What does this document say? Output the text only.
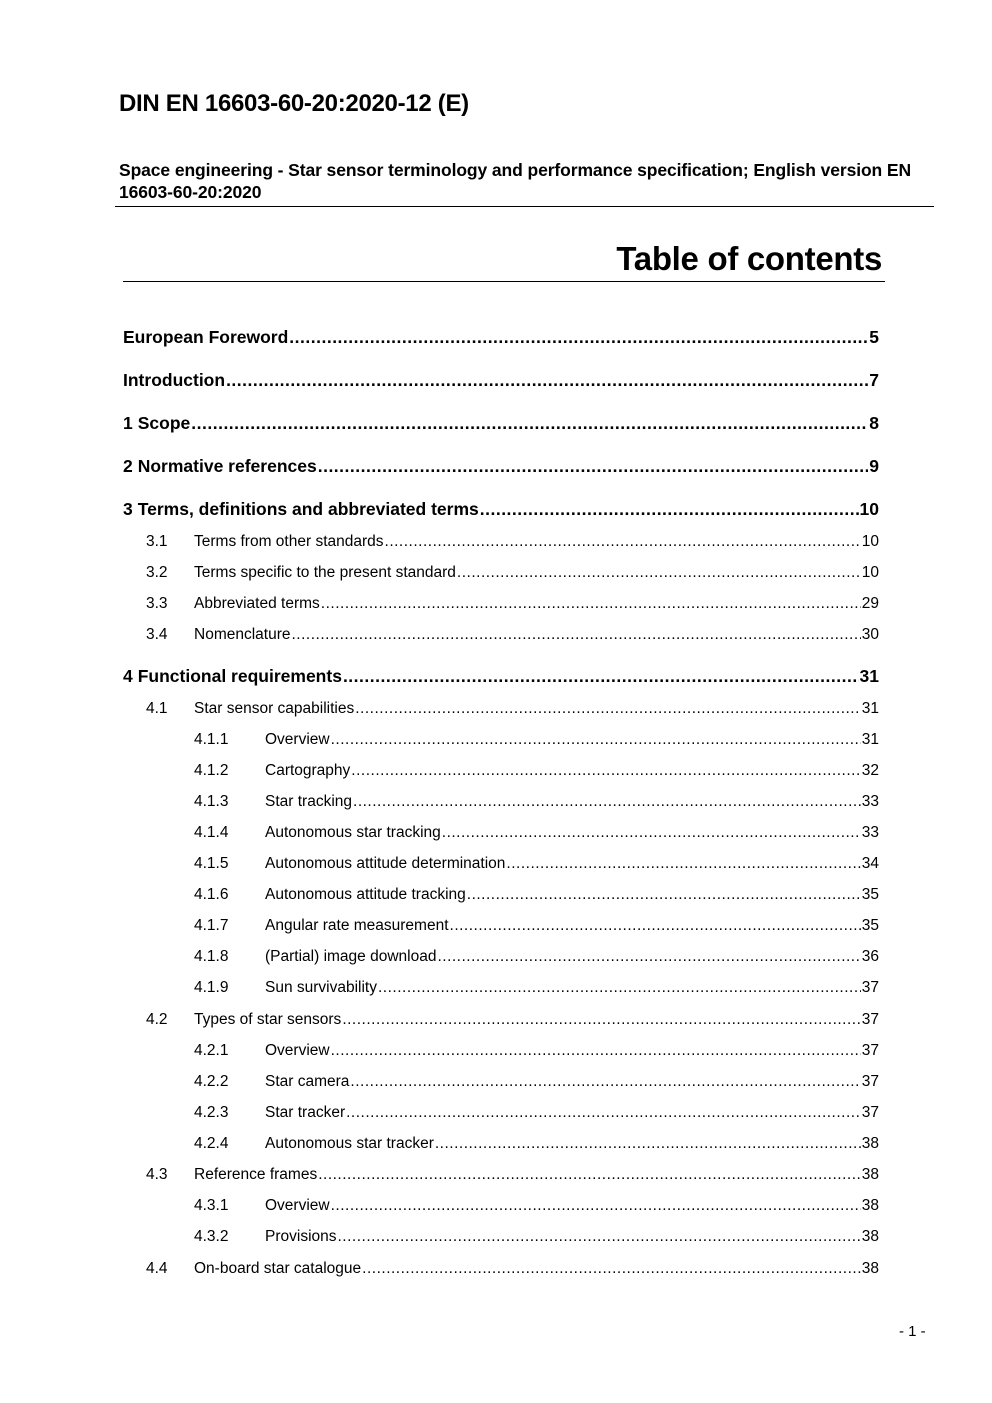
DIN EN 16603-60-20:2020-12 (E)
Space engineering - Star sensor terminology and performance specification; English version EN 16603-60-20:2020
Table of contents
European Foreword .....	5
Introduction .....	7
1 Scope .....	8
2 Normative references .....	9
3 Terms, definitions and abbreviated terms .....	10
3.1	Terms from other standards .....	10
3.2	Terms specific to the present standard .....	10
3.3	Abbreviated terms .....	29
3.4	Nomenclature .....	30
4 Functional requirements .....	31
4.1	Star sensor capabilities .....	31
4.1.1	Overview .....	31
4.1.2	Cartography .....	32
4.1.3	Star tracking .....	33
4.1.4	Autonomous star tracking .....	33
4.1.5	Autonomous attitude determination .....	34
4.1.6	Autonomous attitude tracking .....	35
4.1.7	Angular rate measurement .....	35
4.1.8	(Partial) image download .....	36
4.1.9	Sun survivability .....	37
4.2	Types of star sensors .....	37
4.2.1	Overview .....	37
4.2.2	Star camera .....	37
4.2.3	Star tracker .....	37
4.2.4	Autonomous star tracker .....	38
4.3	Reference frames .....	38
4.3.1	Overview .....	38
4.3.2	Provisions .....	38
4.4	On-board star catalogue .....	38
- 1 -
